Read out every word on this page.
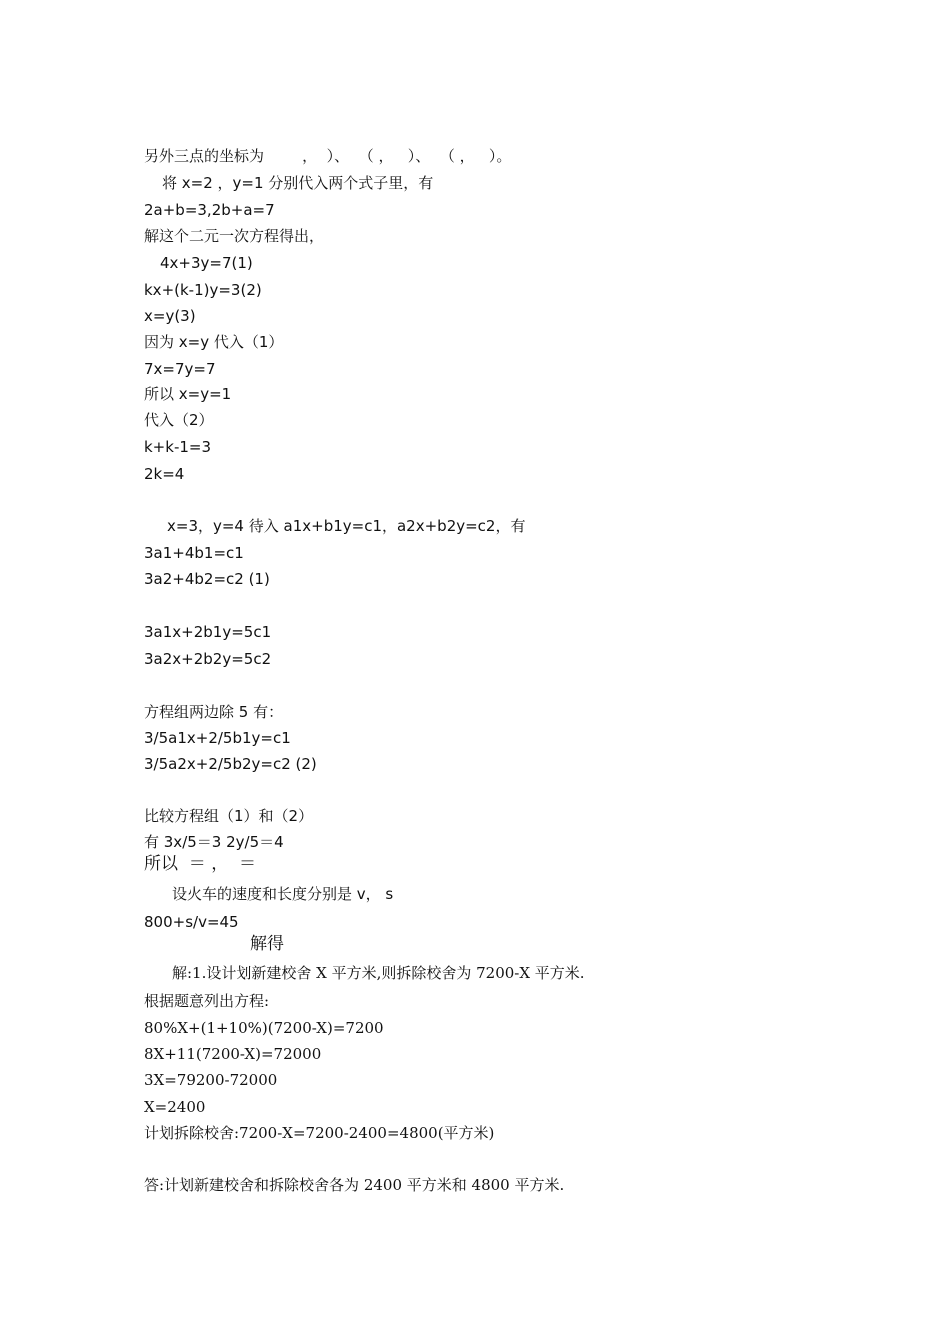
另外三点的坐标为        ，  ）、  （ ，   ）、  （ ，   ）。
将 x=2 ，y=1 分别代入两个式子里，有
2a+b=3,2b+a=7
解这个二元一次方程得出，
4x+3y=7(1)
kx+(k-1)y=3(2)
x=y(3)
因为 x=y 代入（1）
7x=7y=7
所以 x=y=1
代入（2）
k+k-1=3
2k=4
x=3，y=4 待入 a1x+b1y=c1，a2x+b2y=c2，有
3a1+4b1=c1
3a2+4b2=c2 (1)
3a1x+2b1y=5c1
3a2x+2b2y=5c2
方程组两边除 5 有：
3/5a1x+2/5b1y=c1
3/5a2x+2/5b2y=c2 (2)
比较方程组（1）和（2）
有 3x/5＝3 2y/5＝4
所以  ＝ ，  ＝
设火车的速度和长度分别是 v， s
800+s/v=45
解得
解:1.设计划新建校舍 X 平方米,则拆除校舍为 7200-X 平方米.
根据题意列出方程:
80%X+(1+10%)(7200-X)=7200
8X+11(7200-X)=72000
3X=79200-72000
X=2400
计划拆除校舍:7200-X=7200-2400=4800(平方米)
答:计划新建校舍和拆除校舍各为 2400 平方米和 4800 平方米.
